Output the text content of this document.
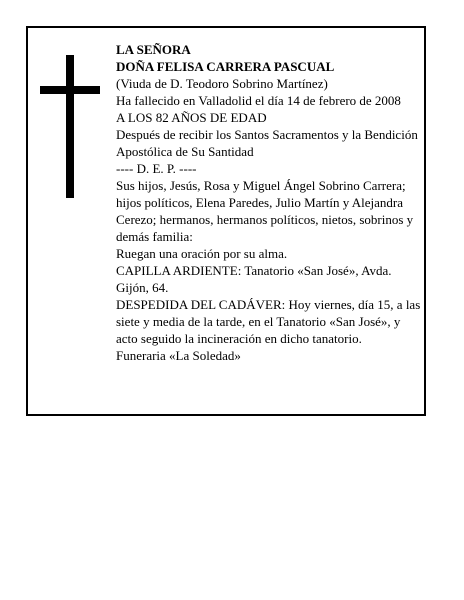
LA SEÑORA

DOÑA FELISA CARRERA PASCUAL

(Viuda de D. Teodoro Sobrino Martínez)

Ha fallecido en Valladolid el día 14 de febrero de 2008

A LOS 82 AÑOS DE EDAD

Después de recibir los Santos Sacramentos y la Bendición Apostólica de Su Santidad

---- D. E. P. ----

Sus hijos, Jesús, Rosa y Miguel Ángel Sobrino Carrera; hijos políticos, Elena Paredes, Julio Martín y Alejandra Cerezo; hermanos, hermanos políticos, nietos, sobrinos y demás familia:

Ruegan una oración por su alma.

CAPILLA ARDIENTE: Tanatorio «San José», Avda. Gijón, 64.

DESPEDIDA DEL CADÁVER: Hoy viernes, día 15, a las siete y media de la tarde, en el Tanatorio «San José», y acto seguido la incineración en dicho tanatorio.

Funeraria «La Soledad»
